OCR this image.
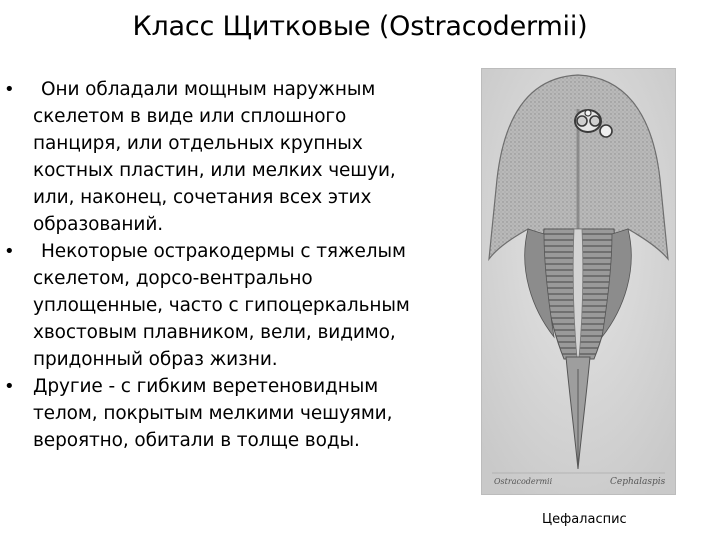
Класс Щитковые (Ostracodermii)
•	Они обладали мощным наружным
скелетом в виде или сплошного
панциря, или отдельных крупных
костных пластин, или мелких чешуи,
или, наконец, сочетания всех этих
образований.
•	Некоторые остракодермы с тяжелым
скелетом, дорсо-вентрально
уплощенные, часто с гипоцеркальным
хвостовым плавником, вели, видимо,
придонный образ жизни.
• Другие - с гибким веретеновидным
телом, покрытым мелкими чешуями,
вероятно, обитали в толще воды.
Ostracodermii	Cephalaspis
Цефаласпис
